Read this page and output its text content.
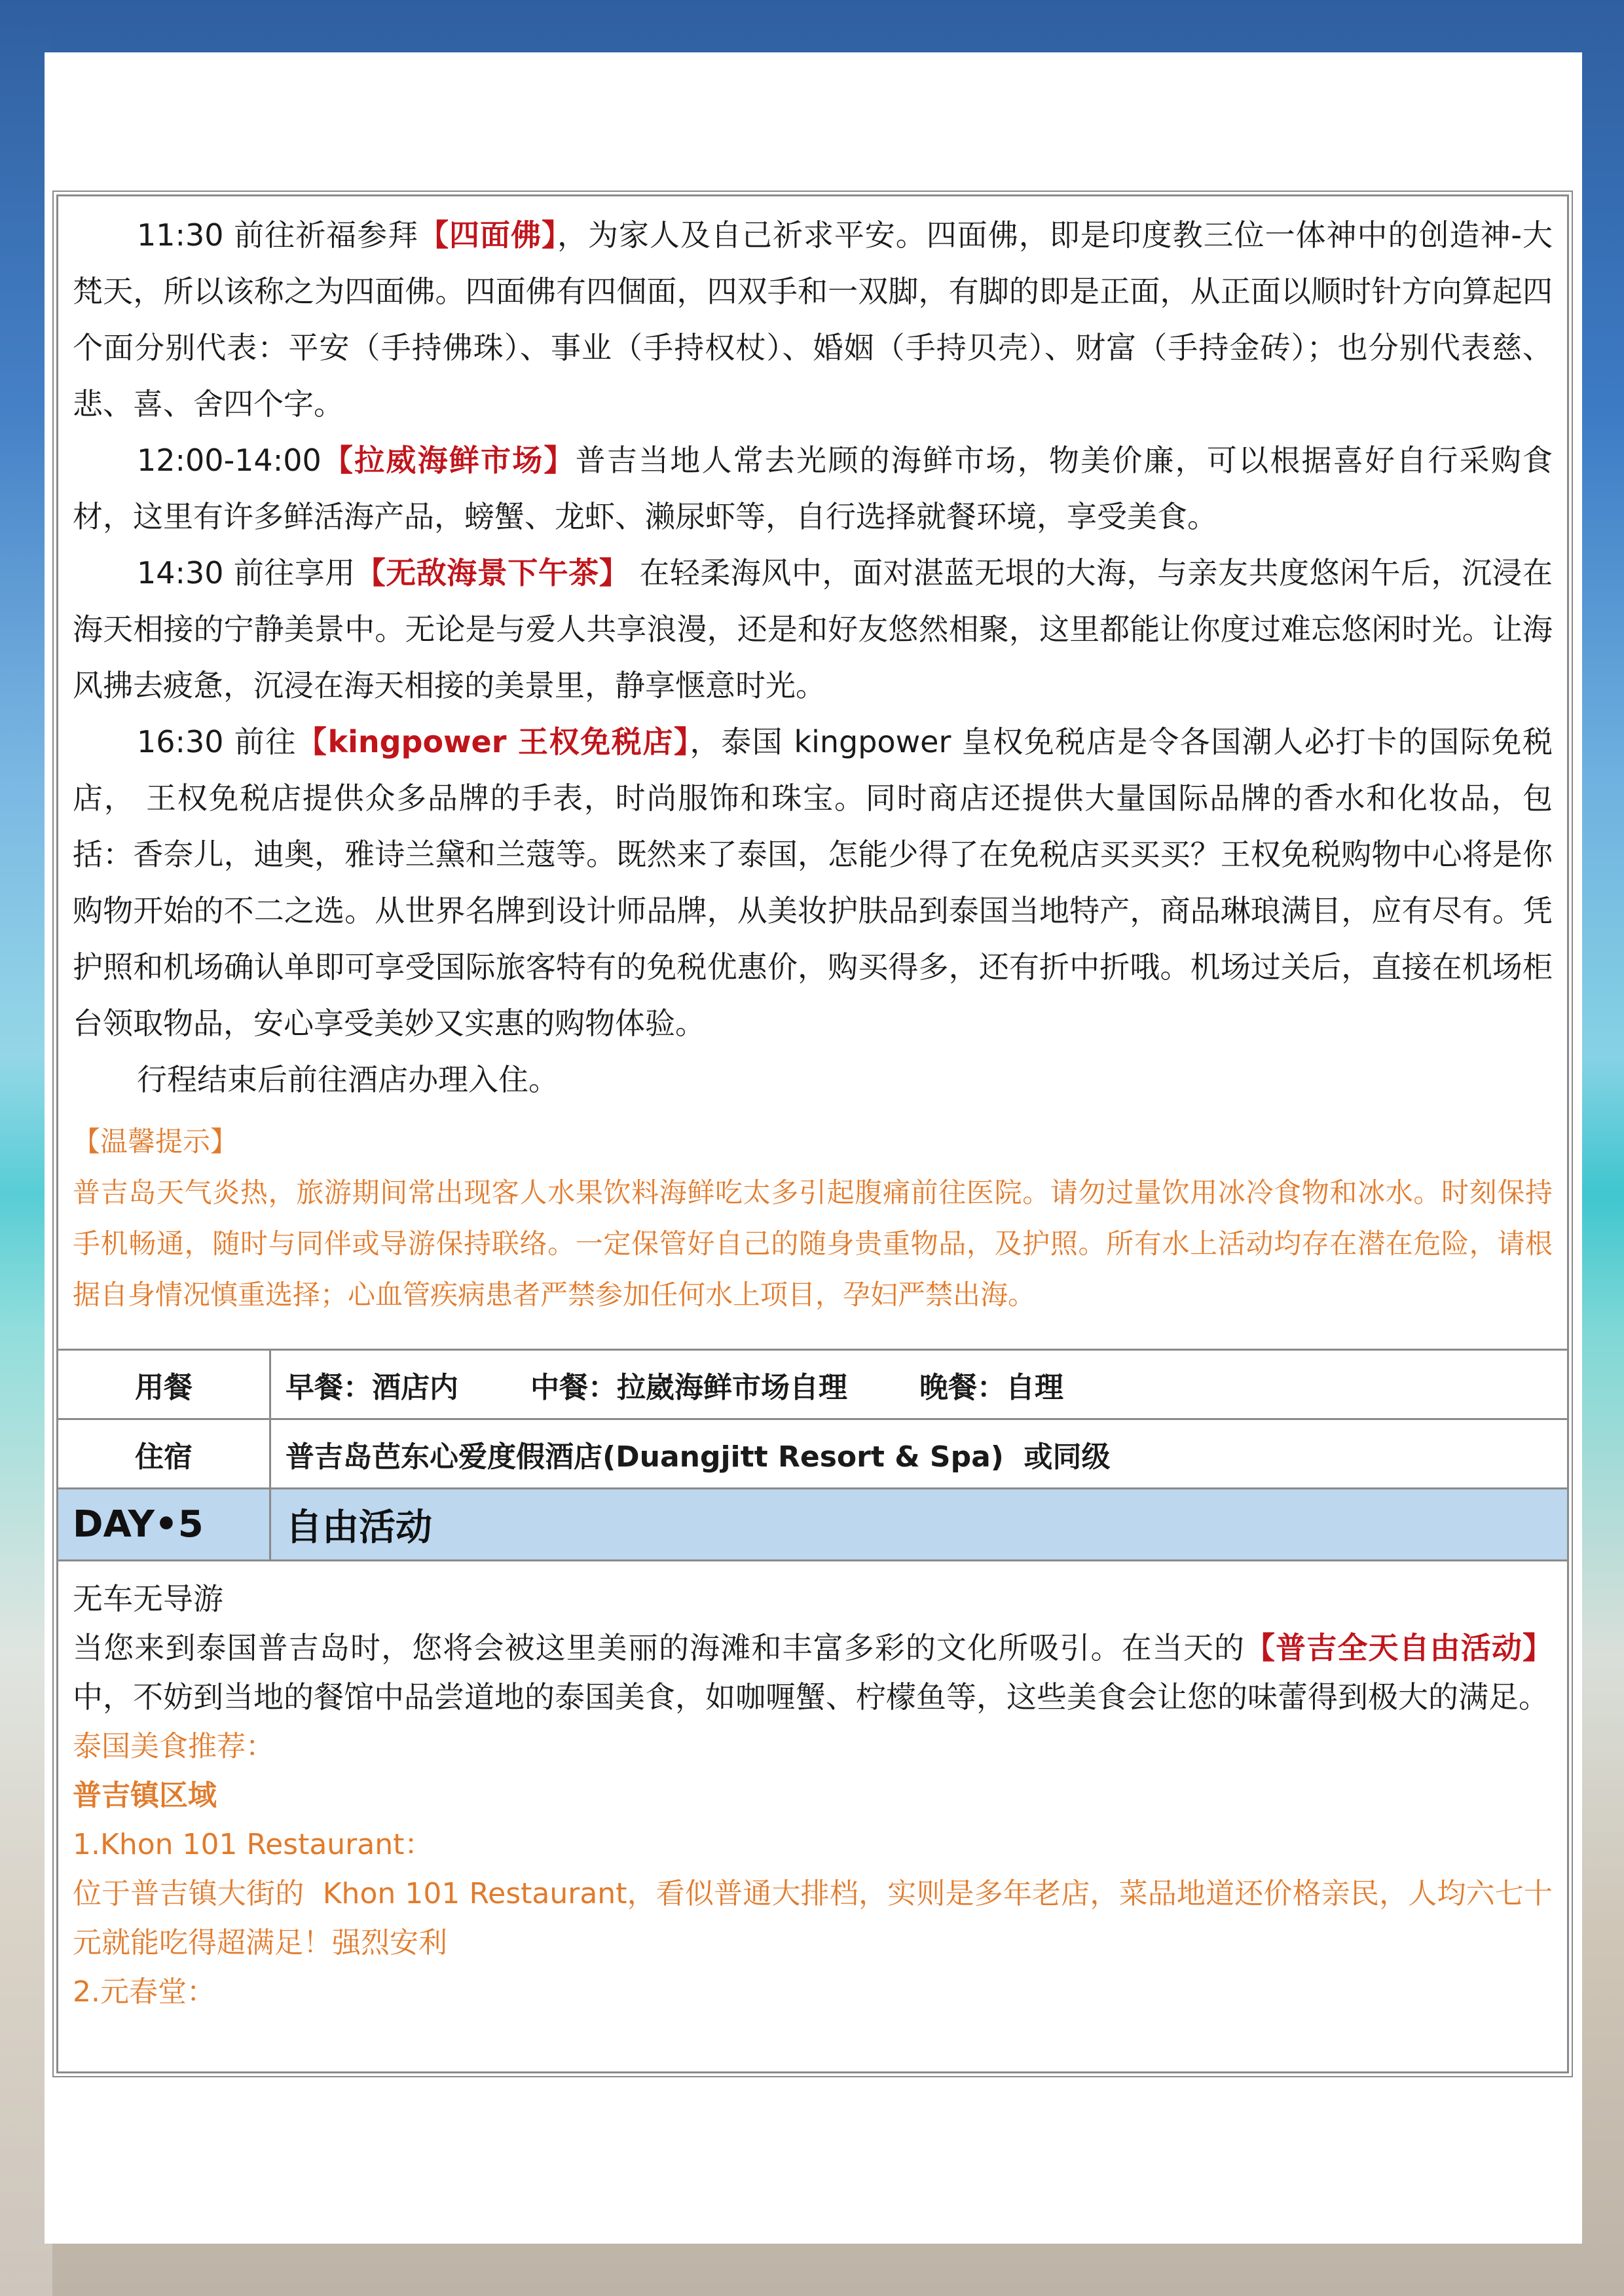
11:30 前往祈福参拜【四面佛】，为家人及自己祈求平安。四面佛，即是印度教三位一体神中的创造神-大梵天，所以该称之为四面佛。四面佛有四個面，四双手和一双脚，有脚的即是正面，从正面以顺时针方向算起四个面分别代表：平安（手持佛珠）、事业（手持权杖）、婚姻（手持贝壳）、财富（手持金砖）；也分别代表慈、悲、喜、舍四个字。

12:00-14:00【拉威海鲜市场】普吉当地人常去光顾的海鲜市场，物美价廉，可以根据喜好自行采购食材，这里有许多鲜活海产品，螃蟹、龙虾、濑尿虾等，自行选择就餐环境，享受美食。

14:30 前往享用【无敌海景下午茶】 在轻柔海风中，面对湛蓝无垠的大海，与亲友共度悠闲午后，沉浸在海天相接的宁静美景中。无论是与爱人共享浪漫，还是和好友悠然相聚，这里都能让你度过难忘悠闲时光。让海风拂去疲惫，沉浸在海天相接的美景里，静享惬意时光。

16:30 前往【kingpower 王权免税店】，泰国 kingpower 皇权免税店是令各国潮人必打卡的国际免税店， 王权免税店提供众多品牌的手表，时尚服饰和珠宝。同时商店还提供大量国际品牌的香水和化妆品，包括：香奈儿，迪奥，雅诗兰黛和兰蔻等。既然来了泰国，怎能少得了在免税店买买买？王权免税购物中心将是你购物开始的不二之选。从世界名牌到设计师品牌，从美妆护肤品到泰国当地特产，商品琳琅满目，应有尽有。凭护照和机场确认单即可享受国际旅客特有的免税优惠价，购买得多，还有折中折哦。机场过关后，直接在机场柜台领取物品，安心享受美妙又实惠的购物体验。

行程结束后前往酒店办理入住。

【温馨提示】

普吉岛天气炎热，旅游期间常出现客人水果饮料海鲜吃太多引起腹痛前往医院。请勿过量饮用冰冷食物和冰水。时刻保持手机畅通，随时与同伴或导游保持联络。一定保管好自己的随身贵重物品，及护照。所有水上活动均存在潜在危险，请根据自身情况慎重选择；心血管疾病患者严禁参加任何水上项目，孕妇严禁出海。

用餐	早餐：酒店内	中餐：拉崴海鲜市场自理	晚餐：自理
住宿	普吉岛芭东心爱度假酒店(Duangjitt Resort & Spa)  或同级
DAY•5	自由活动

无车无导游

当您来到泰国普吉岛时，您将会被这里美丽的海滩和丰富多彩的文化所吸引。在当天的【普吉全天自由活动】中，不妨到当地的餐馆中品尝道地的泰国美食，如咖喱蟹、柠檬鱼等，这些美食会让您的味蕾得到极大的满足。

泰国美食推荐：

普吉镇区域

1.Khon 101 Restaurant：

位于普吉镇大街的  Khon 101 Restaurant，看似普通大排档，实则是多年老店，菜品地道还价格亲民，人均六七十元就能吃得超满足！强烈安利

2.元春堂：
